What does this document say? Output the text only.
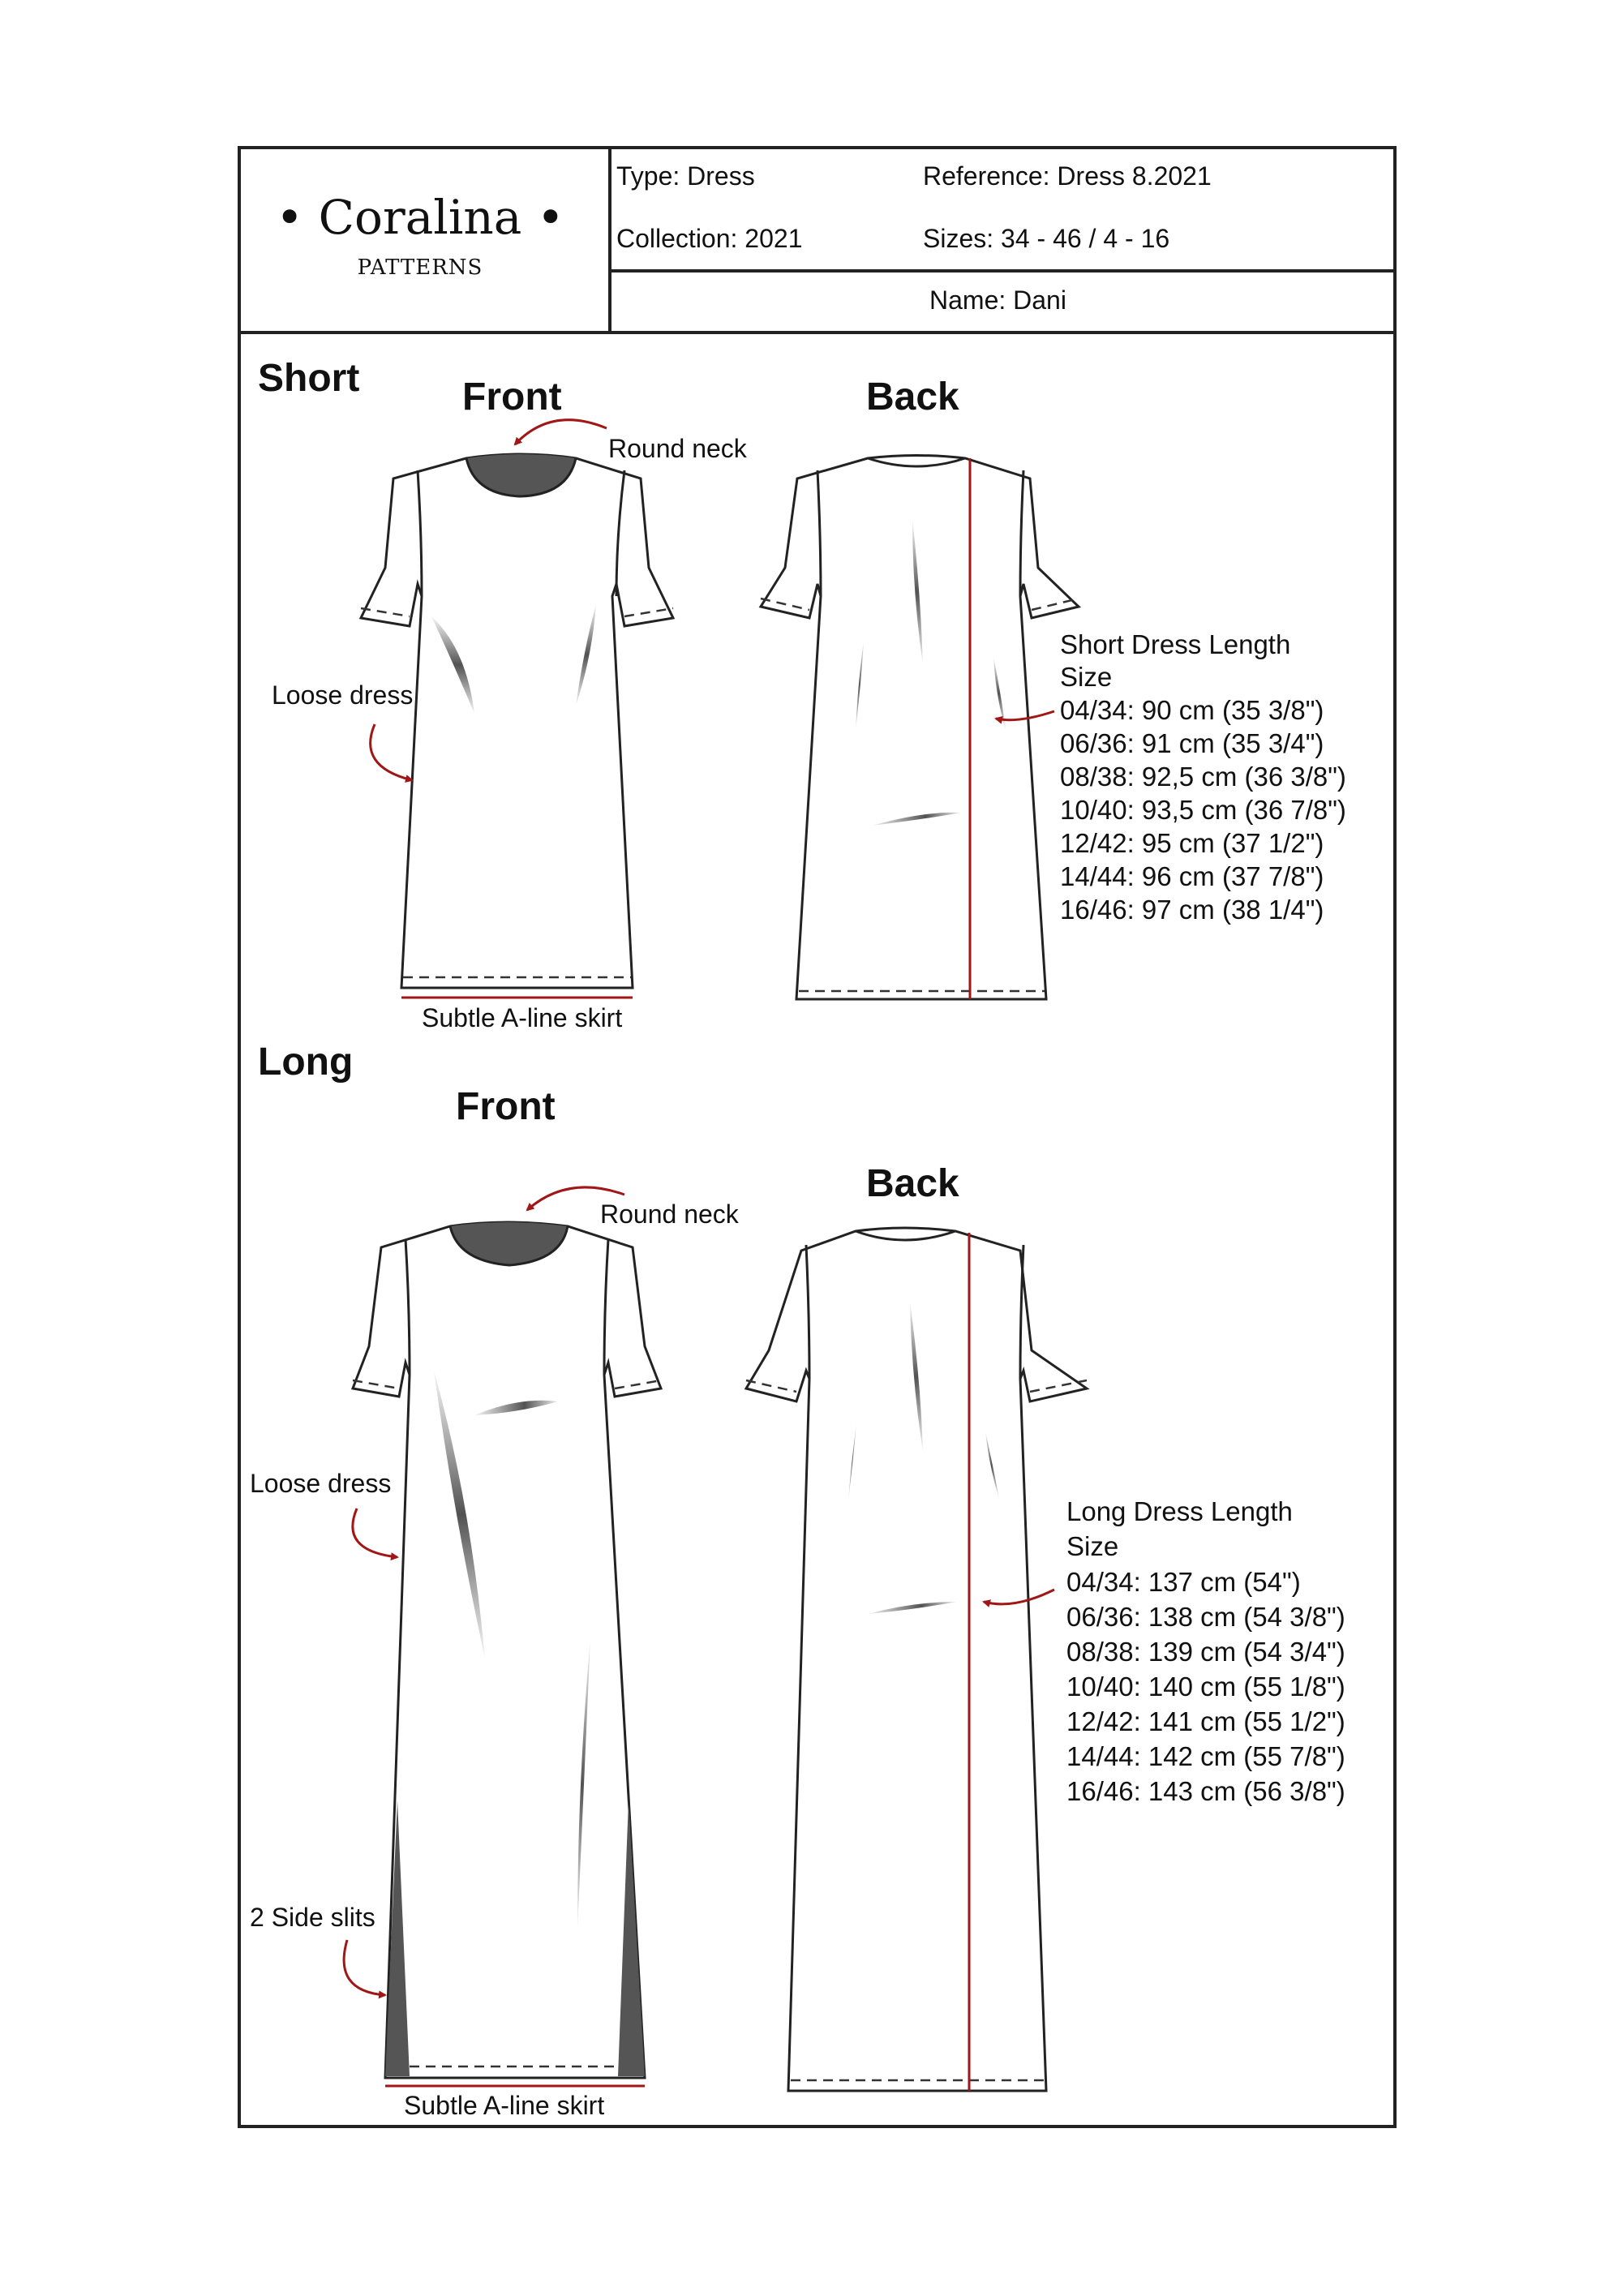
• Coralina •
PATTERNS
Type: Dress	Reference: Dress 8.2021
Collection: 2021	Sizes: 34 - 46 / 4 - 16
Name: Dani
Short	Front	Back
Round neck
Loose dress
Subtle A-line skirt
Short Dress Length
Size
04/34: 90 cm (35 3/8")
06/36: 91 cm (35 3/4")
08/38: 92,5 cm (36 3/8")
10/40: 93,5 cm (36 7/8")
12/42: 95 cm (37 1/2")
14/44: 96 cm (37 7/8")
16/46: 97 cm (38 1/4")
Long
Front
Back
Round neck
Loose dress
2 Side slits
Subtle A-line skirt
Long Dress Length
Size
04/34: 137 cm (54")
06/36: 138 cm (54 3/8")
08/38: 139 cm (54 3/4")
10/40: 140 cm (55 1/8")
12/42: 141 cm (55 1/2")
14/44: 142 cm (55 7/8")
16/46: 143 cm (56 3/8")
